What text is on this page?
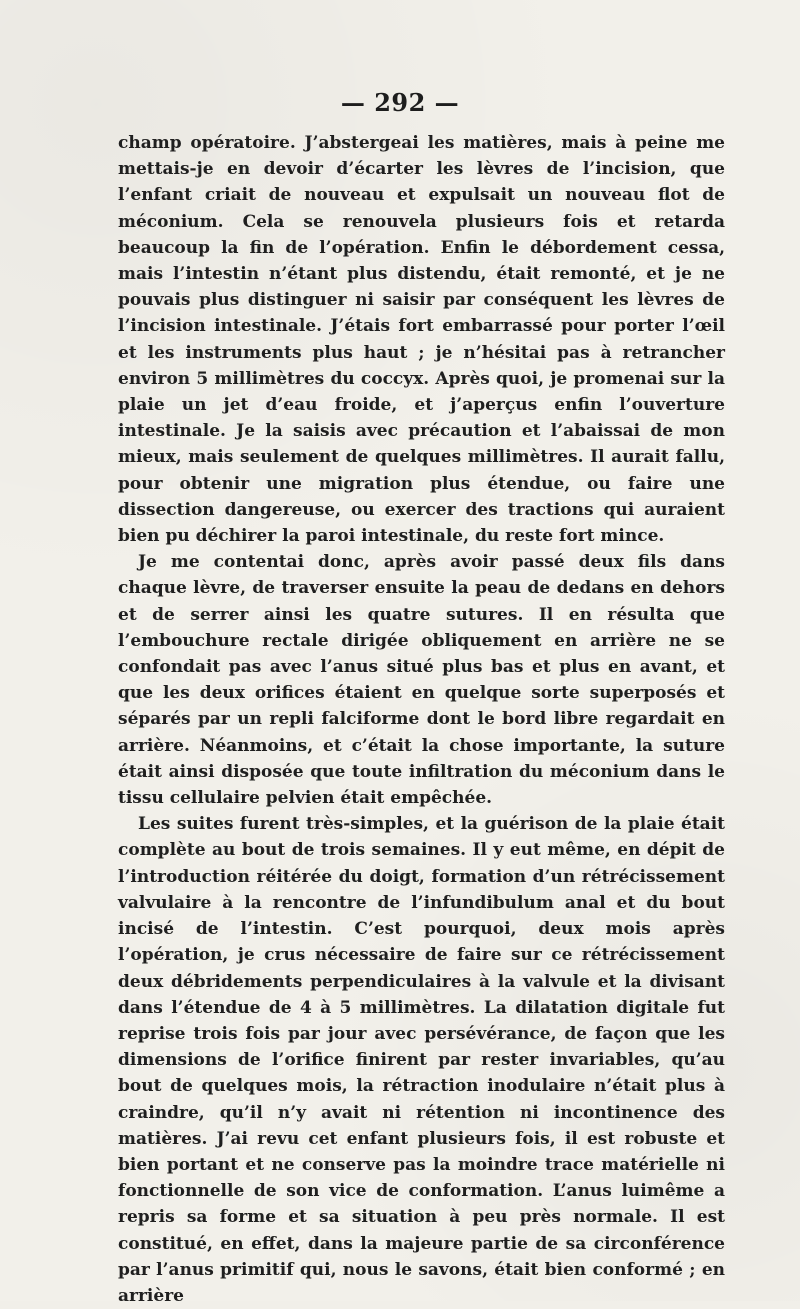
— 292 —

champ opératoire. J’abstergeai les matières, mais à peine me mettais-je en devoir d’écarter les lèvres de l’incision, que l’enfant criait de nouveau et expulsait un nouveau flot de méconium. Cela se renouvela plusieurs fois et retarda beaucoup la fin de l’opération. Enfin le débordement cessa, mais l’intestin n’étant plus distendu, était remonté, et je ne pouvais plus distinguer ni saisir par conséquent les lèvres de l’incision intestinale. J’étais fort embarrassé pour porter l’œil et les instruments plus haut ; je n’hésitai pas à retrancher environ 5 millimètres du coccyx. Après quoi, je promenai sur la plaie un jet d’eau froide, et j’aperçus enfin l’ouverture intestinale. Je la saisis avec précaution et l’abaissai de mon mieux, mais seulement de quelques millimètres. Il aurait fallu, pour obtenir une migration plus étendue, ou faire une dissection dangereuse, ou exercer des tractions qui auraient bien pu déchirer la paroi intestinale, du reste fort mince.

Je me contentai donc, après avoir passé deux fils dans chaque lèvre, de traverser ensuite la peau de dedans en dehors et de serrer ainsi les quatre sutures. Il en résulta que l’embouchure rectale dirigée obliquement en arrière ne se confondait pas avec l’anus situé plus bas et plus en avant, et que les deux orifices étaient en quelque sorte superposés et séparés par un repli falciforme dont le bord libre regardait en arrière. Néanmoins, et c’était la chose importante, la suture était ainsi disposée que toute infiltration du méconium dans le tissu cellulaire pelvien était empêchée.

Les suites furent très-simples, et la guérison de la plaie était complète au bout de trois semaines. Il y eut même, en dépit de l’introduction réitérée du doigt, formation d’un rétrécissement valvulaire à la rencontre de l’infundibulum anal et du bout incisé de l’intestin. C’est pourquoi, deux mois après l’opération, je crus nécessaire de faire sur ce rétrécissement deux débridements perpendiculaires à la valvule et la divisant dans l’étendue de 4 à 5 millimètres. La dilatation digitale fut reprise trois fois par jour avec persévérance, de façon que les dimensions de l’orifice finirent par rester invariables, qu’au bout de quelques mois, la rétraction inodulaire n’était plus à craindre, qu’il n’y avait ni rétention ni incontinence des matières. J’ai revu cet enfant plusieurs fois, il est robuste et bien portant et ne conserve pas la moindre trace matérielle ni fonctionnelle de son vice de conformation. L’anus luimême a repris sa forme et sa situation à peu près normale. Il est constitué, en effet, dans la majeure partie de sa circonférence par l’anus primitif qui, nous le savons, était bien conformé ; en arrière
